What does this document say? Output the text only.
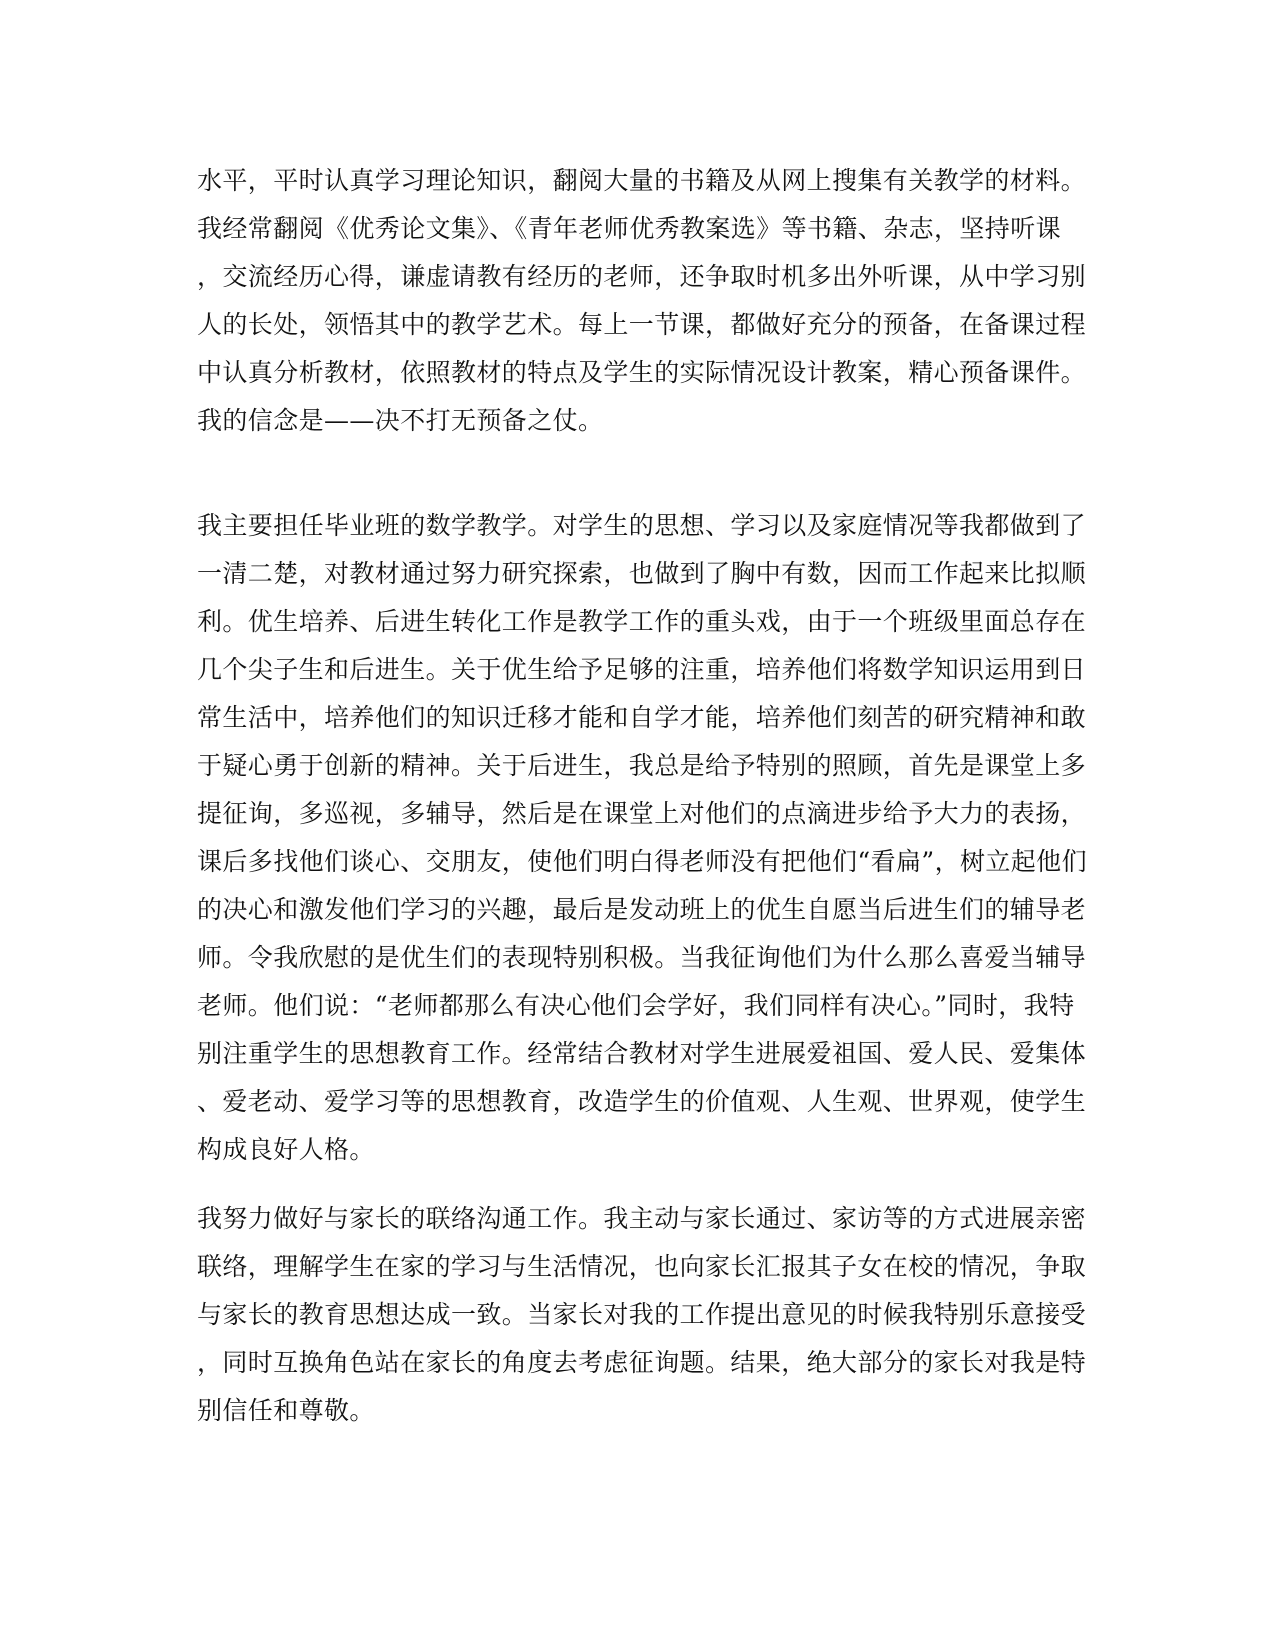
水平，平时认真学习理论知识，翻阅大量的书籍及从网上搜集有关教学的材料。
我经常翻阅《优秀论文集》、《青年老师优秀教案选》等书籍、杂志，坚持听课
，交流经历心得，谦虚请教有经历的老师，还争取时机多出外听课，从中学习别
人的长处，领悟其中的教学艺术。每上一节课，都做好充分的预备，在备课过程
中认真分析教材，依照教材的特点及学生的实际情况设计教案，精心预备课件。
我的信念是——决不打无预备之仗。
我主要担任毕业班的数学教学。对学生的思想、学习以及家庭情况等我都做到了
一清二楚，对教材通过努力研究探索，也做到了胸中有数，因而工作起来比拟顺
利。优生培养、后进生转化工作是教学工作的重头戏，由于一个班级里面总存在
几个尖子生和后进生。关于优生给予足够的注重，培养他们将数学知识运用到日
常生活中，培养他们的知识迁移才能和自学才能，培养他们刻苦的研究精神和敢
于疑心勇于创新的精神。关于后进生，我总是给予特别的照顾，首先是课堂上多
提征询，多巡视，多辅导，然后是在课堂上对他们的点滴进步给予大力的表扬，
课后多找他们谈心、交朋友，使他们明白得老师没有把他们“看扁”，树立起他们
的决心和激发他们学习的兴趣，最后是发动班上的优生自愿当后进生们的辅导老
师。令我欣慰的是优生们的表现特别积极。当我征询他们为什么那么喜爱当辅导
老师。他们说：“老师都那么有决心他们会学好，我们同样有决心。”同时，我特
别注重学生的思想教育工作。经常结合教材对学生进展爱祖国、爱人民、爱集体
、爱老动、爱学习等的思想教育，改造学生的价值观、人生观、世界观，使学生
构成良好人格。
我努力做好与家长的联络沟通工作。我主动与家长通过、家访等的方式进展亲密
联络，理解学生在家的学习与生活情况，也向家长汇报其子女在校的情况，争取
与家长的教育思想达成一致。当家长对我的工作提出意见的时候我特别乐意接受
，同时互换角色站在家长的角度去考虑征询题。结果，绝大部分的家长对我是特
别信任和尊敬。
